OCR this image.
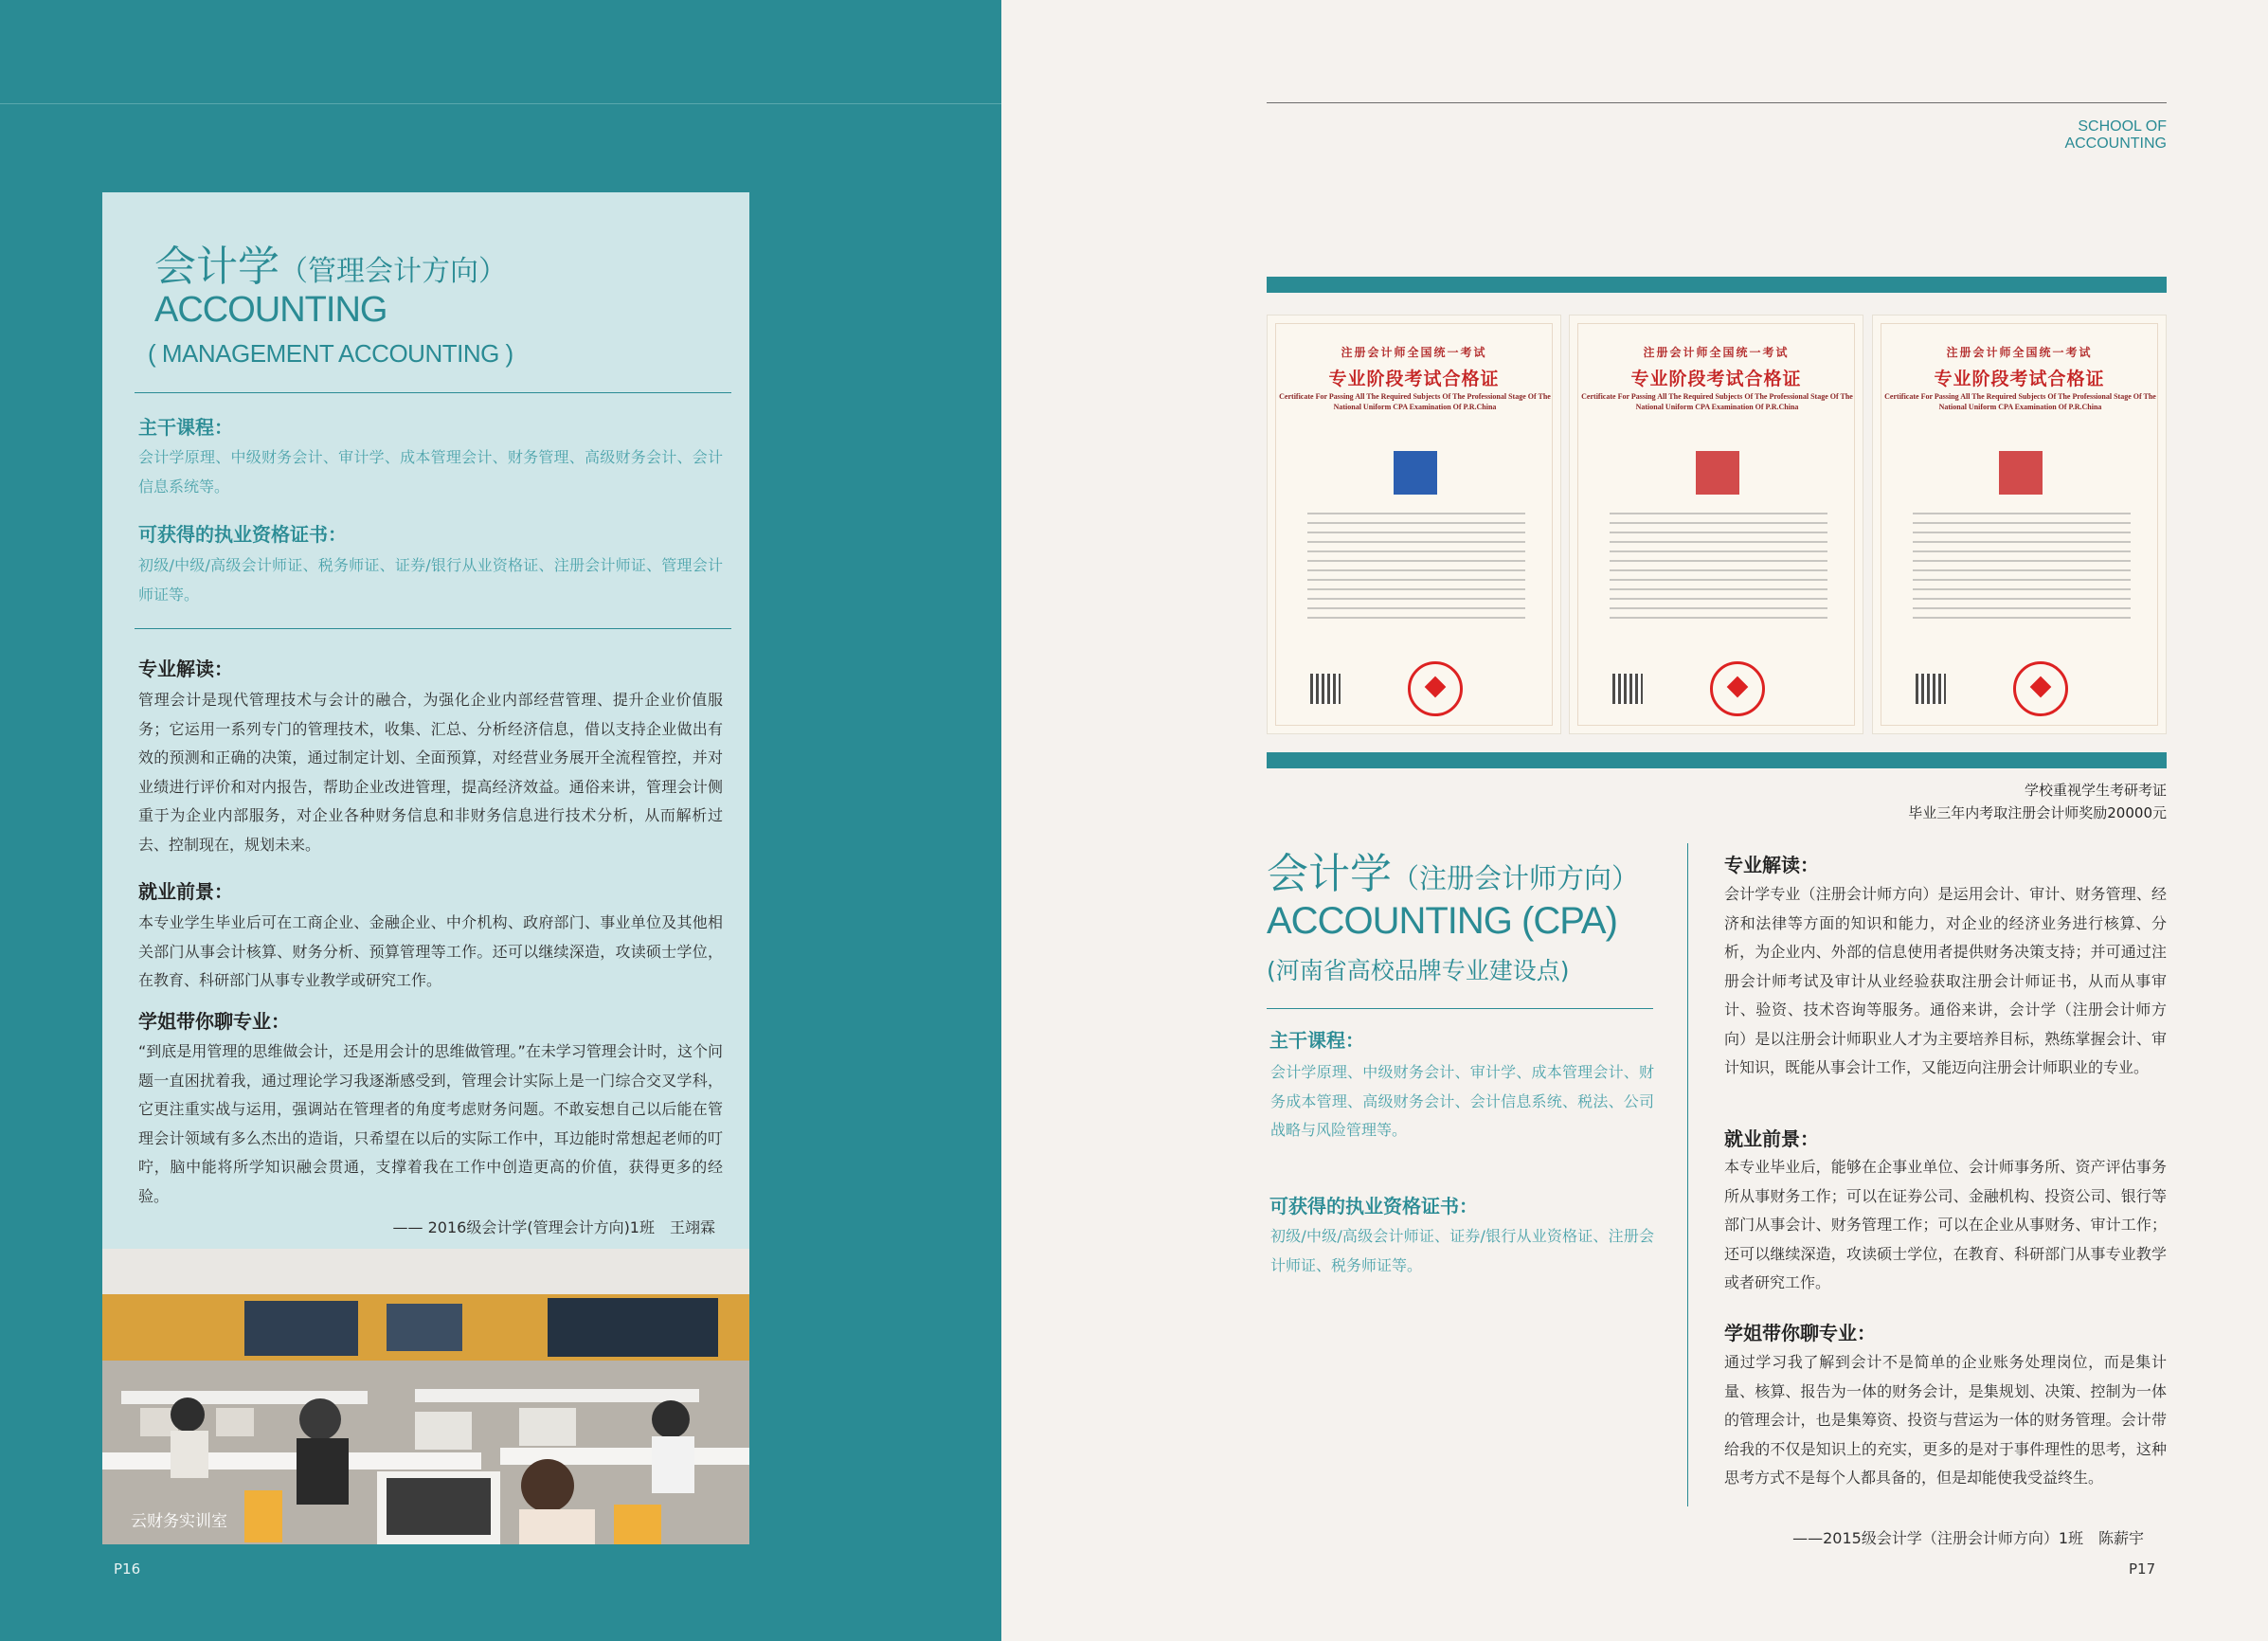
会计学（管理会计方向）
ACCOUNTING
( MANAGEMENT ACCOUNTING )
主干课程：
会计学原理、中级财务会计、审计学、成本管理会计、财务管理、高级财务会计、会计信息系统等。
可获得的执业资格证书：
初级/中级/高级会计师证、税务师证、证券/银行从业资格证、注册会计师证、管理会计师证等。
专业解读：
管理会计是现代管理技术与会计的融合，为强化企业内部经营管理、提升企业价值服务；它运用一系列专门的管理技术，收集、汇总、分析经济信息，借以支持企业做出有效的预测和正确的决策，通过制定计划、全面预算，对经营业务展开全流程管控，并对业绩进行评价和对内报告，帮助企业改进管理，提高经济效益。通俗来讲，管理会计侧重于为企业内部服务，对企业各种财务信息和非财务信息进行技术分析，从而解析过去、控制现在，规划未来。
就业前景：
本专业学生毕业后可在工商企业、金融企业、中介机构、政府部门、事业单位及其他相关部门从事会计核算、财务分析、预算管理等工作。还可以继续深造，攻读硕士学位，在教育、科研部门从事专业教学或研究工作。
学姐带你聊专业：
“到底是用管理的思维做会计，还是用会计的思维做管理。”在未学习管理会计时，这个问题一直困扰着我，通过理论学习我逐渐感受到，管理会计实际上是一门综合交叉学科，它更注重实战与运用，强调站在管理者的角度考虑财务问题。不敢妄想自己以后能在管理会计领域有多么杰出的造诣，只希望在以后的实际工作中，耳边能时常想起老师的叮咛，脑中能将所学知识融会贯通，支撑着我在工作中创造更高的价值，获得更多的经验。
—— 2016级会计学(管理会计方向)1班　王翊霖
云财务实训室
P16
SCHOOL OF
ACCOUNTING
注册会计师全国统一考试
专业阶段考试合格证
Certificate For Passing All The Required Subjects Of The Professional Stage Of The National Uniform CPA Examination Of P.R.China
注册会计师全国统一考试
专业阶段考试合格证
Certificate For Passing All The Required Subjects Of The Professional Stage Of The National Uniform CPA Examination Of P.R.China
注册会计师全国统一考试
专业阶段考试合格证
Certificate For Passing All The Required Subjects Of The Professional Stage Of The National Uniform CPA Examination Of P.R.China
学校重视学生考研考证
毕业三年内考取注册会计师奖励20000元
会计学（注册会计师方向）
ACCOUNTING (CPA)
(河南省高校品牌专业建设点)
主干课程：
会计学原理、中级财务会计、审计学、成本管理会计、财务成本管理、高级财务会计、会计信息系统、税法、公司战略与风险管理等。
可获得的执业资格证书：
初级/中级/高级会计师证、证券/银行从业资格证、注册会计师证、税务师证等。
专业解读：
会计学专业（注册会计师方向）是运用会计、审计、财务管理、经济和法律等方面的知识和能力，对企业的经济业务进行核算、分析，为企业内、外部的信息使用者提供财务决策支持；并可通过注册会计师考试及审计从业经验获取注册会计师证书，从而从事审计、验资、技术咨询等服务。通俗来讲，会计学（注册会计师方向）是以注册会计师职业人才为主要培养目标，熟练掌握会计、审计知识，既能从事会计工作，又能迈向注册会计师职业的专业。
就业前景：
本专业毕业后，能够在企事业单位、会计师事务所、资产评估事务所从事财务工作；可以在证券公司、金融机构、投资公司、银行等部门从事会计、财务管理工作；可以在企业从事财务、审计工作；还可以继续深造，攻读硕士学位，在教育、科研部门从事专业教学或者研究工作。
学姐带你聊专业：
通过学习我了解到会计不是简单的企业账务处理岗位，而是集计量、核算、报告为一体的财务会计，是集规划、决策、控制为一体的管理会计，也是集筹资、投资与营运为一体的财务管理。会计带给我的不仅是知识上的充实，更多的是对于事件理性的思考，这种思考方式不是每个人都具备的，但是却能使我受益终生。
——2015级会计学（注册会计师方向）1班　陈薪宇
P17
